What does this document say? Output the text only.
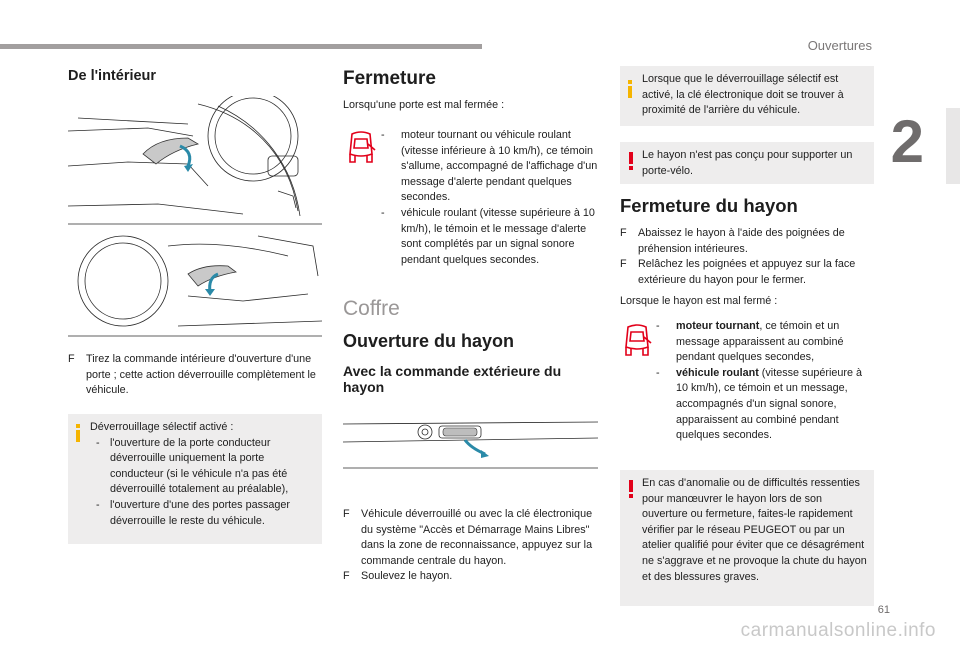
Ouvertures
2
De l'intérieur
F Tirez la commande intérieure d'ouverture d'une porte ; cette action déverrouille complètement le véhicule.

Déverrouillage sélectif activé :

- l'ouverture de la porte conducteur déverrouille uniquement la porte conducteur (si le véhicule n'a pas été déverrouillé totalement au préalable),
- l'ouverture d'une des portes passager déverrouille le reste du véhicule.
Fermeture

Lorsqu'une porte est mal fermée :

- moteur tournant ou véhicule roulant (vitesse inférieure à 10 km/h), ce témoin s'allume, accompagné de l'affichage d'un message d'alerte pendant quelques secondes.
- véhicule roulant (vitesse supérieure à 10 km/h), le témoin et le message d'alerte sont complétés par un signal sonore pendant quelques secondes.
Coffre
Ouverture du hayon
Avec la commande extérieure du hayon
F Véhicule déverrouillé ou avec la clé électronique du système "Accès et Démarrage Mains Libres" dans la zone de reconnaissance, appuyez sur la commande centrale du hayon.
F Soulevez le hayon.

Lorsque que le déverrouillage sélectif est activé, la clé électronique doit se trouver à proximité de l'arrière du véhicule.

Le hayon n'est pas conçu pour supporter un porte-vélo.

Fermeture du hayon
F Abaissez le hayon à l'aide des poignées de préhension intérieures.
F Relâchez les poignées et appuyez sur la face extérieure du hayon pour le fermer.

Lorsque le hayon est mal fermé :

- moteur tournant, ce témoin et un message apparaissent au combiné pendant quelques secondes,
- véhicule roulant (vitesse supérieure à 10 km/h), ce témoin et un message, accompagnés d'un signal sonore, apparaissent au combiné pendant quelques secondes.

En cas d'anomalie ou de difficultés ressenties pour manœuvrer le hayon lors de son ouverture ou fermeture, faites-le rapidement vérifier par le réseau PEUGEOT ou par un atelier qualifié pour éviter que ce désagrément ne s'aggrave et ne provoque la chute du hayon et des blessures graves.

61
carmanualsonline.info
